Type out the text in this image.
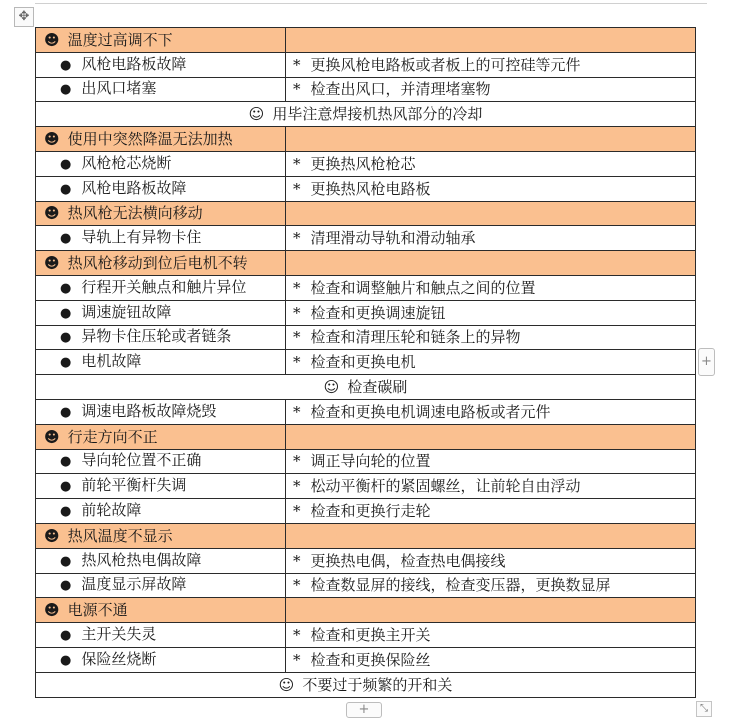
✥
☻ 温度过高调不下	
● 风枪电路板故障	* 更换风枪电路板或者板上的可控硅等元件
● 出风口堵塞	* 检查出风口，并清理堵塞物
☺ 用毕注意焊接机热风部分的冷却	
☻ 使用中突然降温无法加热	
● 风枪枪芯烧断	* 更换热风枪枪芯
● 风枪电路板故障	* 更换热风枪电路板
☻ 热风枪无法横向移动	
● 导轨上有异物卡住	* 清理滑动导轨和滑动轴承
☻ 热风枪移动到位后电机不转	
● 行程开关触点和触片异位	* 检查和调整触片和触点之间的位置
● 调速旋钮故障	* 检查和更换调速旋钮
● 异物卡住压轮或者链条	* 检查和清理压轮和链条上的异物
● 电机故障	* 检查和更换电机
☺ 检查碳刷	
● 调速电路板故障烧毁	* 检查和更换电机调速电路板或者元件
☻ 行走方向不正	
● 导向轮位置不正确	* 调正导向轮的位置
● 前轮平衡杆失调	* 松动平衡杆的紧固螺丝，让前轮自由浮动
● 前轮故障	* 检查和更换行走轮
☻ 热风温度不显示	
● 热风枪热电偶故障	* 更换热电偶，检查热电偶接线
● 温度显示屏故障	* 检查数显屏的接线，检查变压器，更换数显屏
☻ 电源不通	
● 主开关失灵	* 检查和更换主开关
● 保险丝烧断	* 检查和更换保险丝
☺ 不要过于频繁的开和关	
+
+	⤡
